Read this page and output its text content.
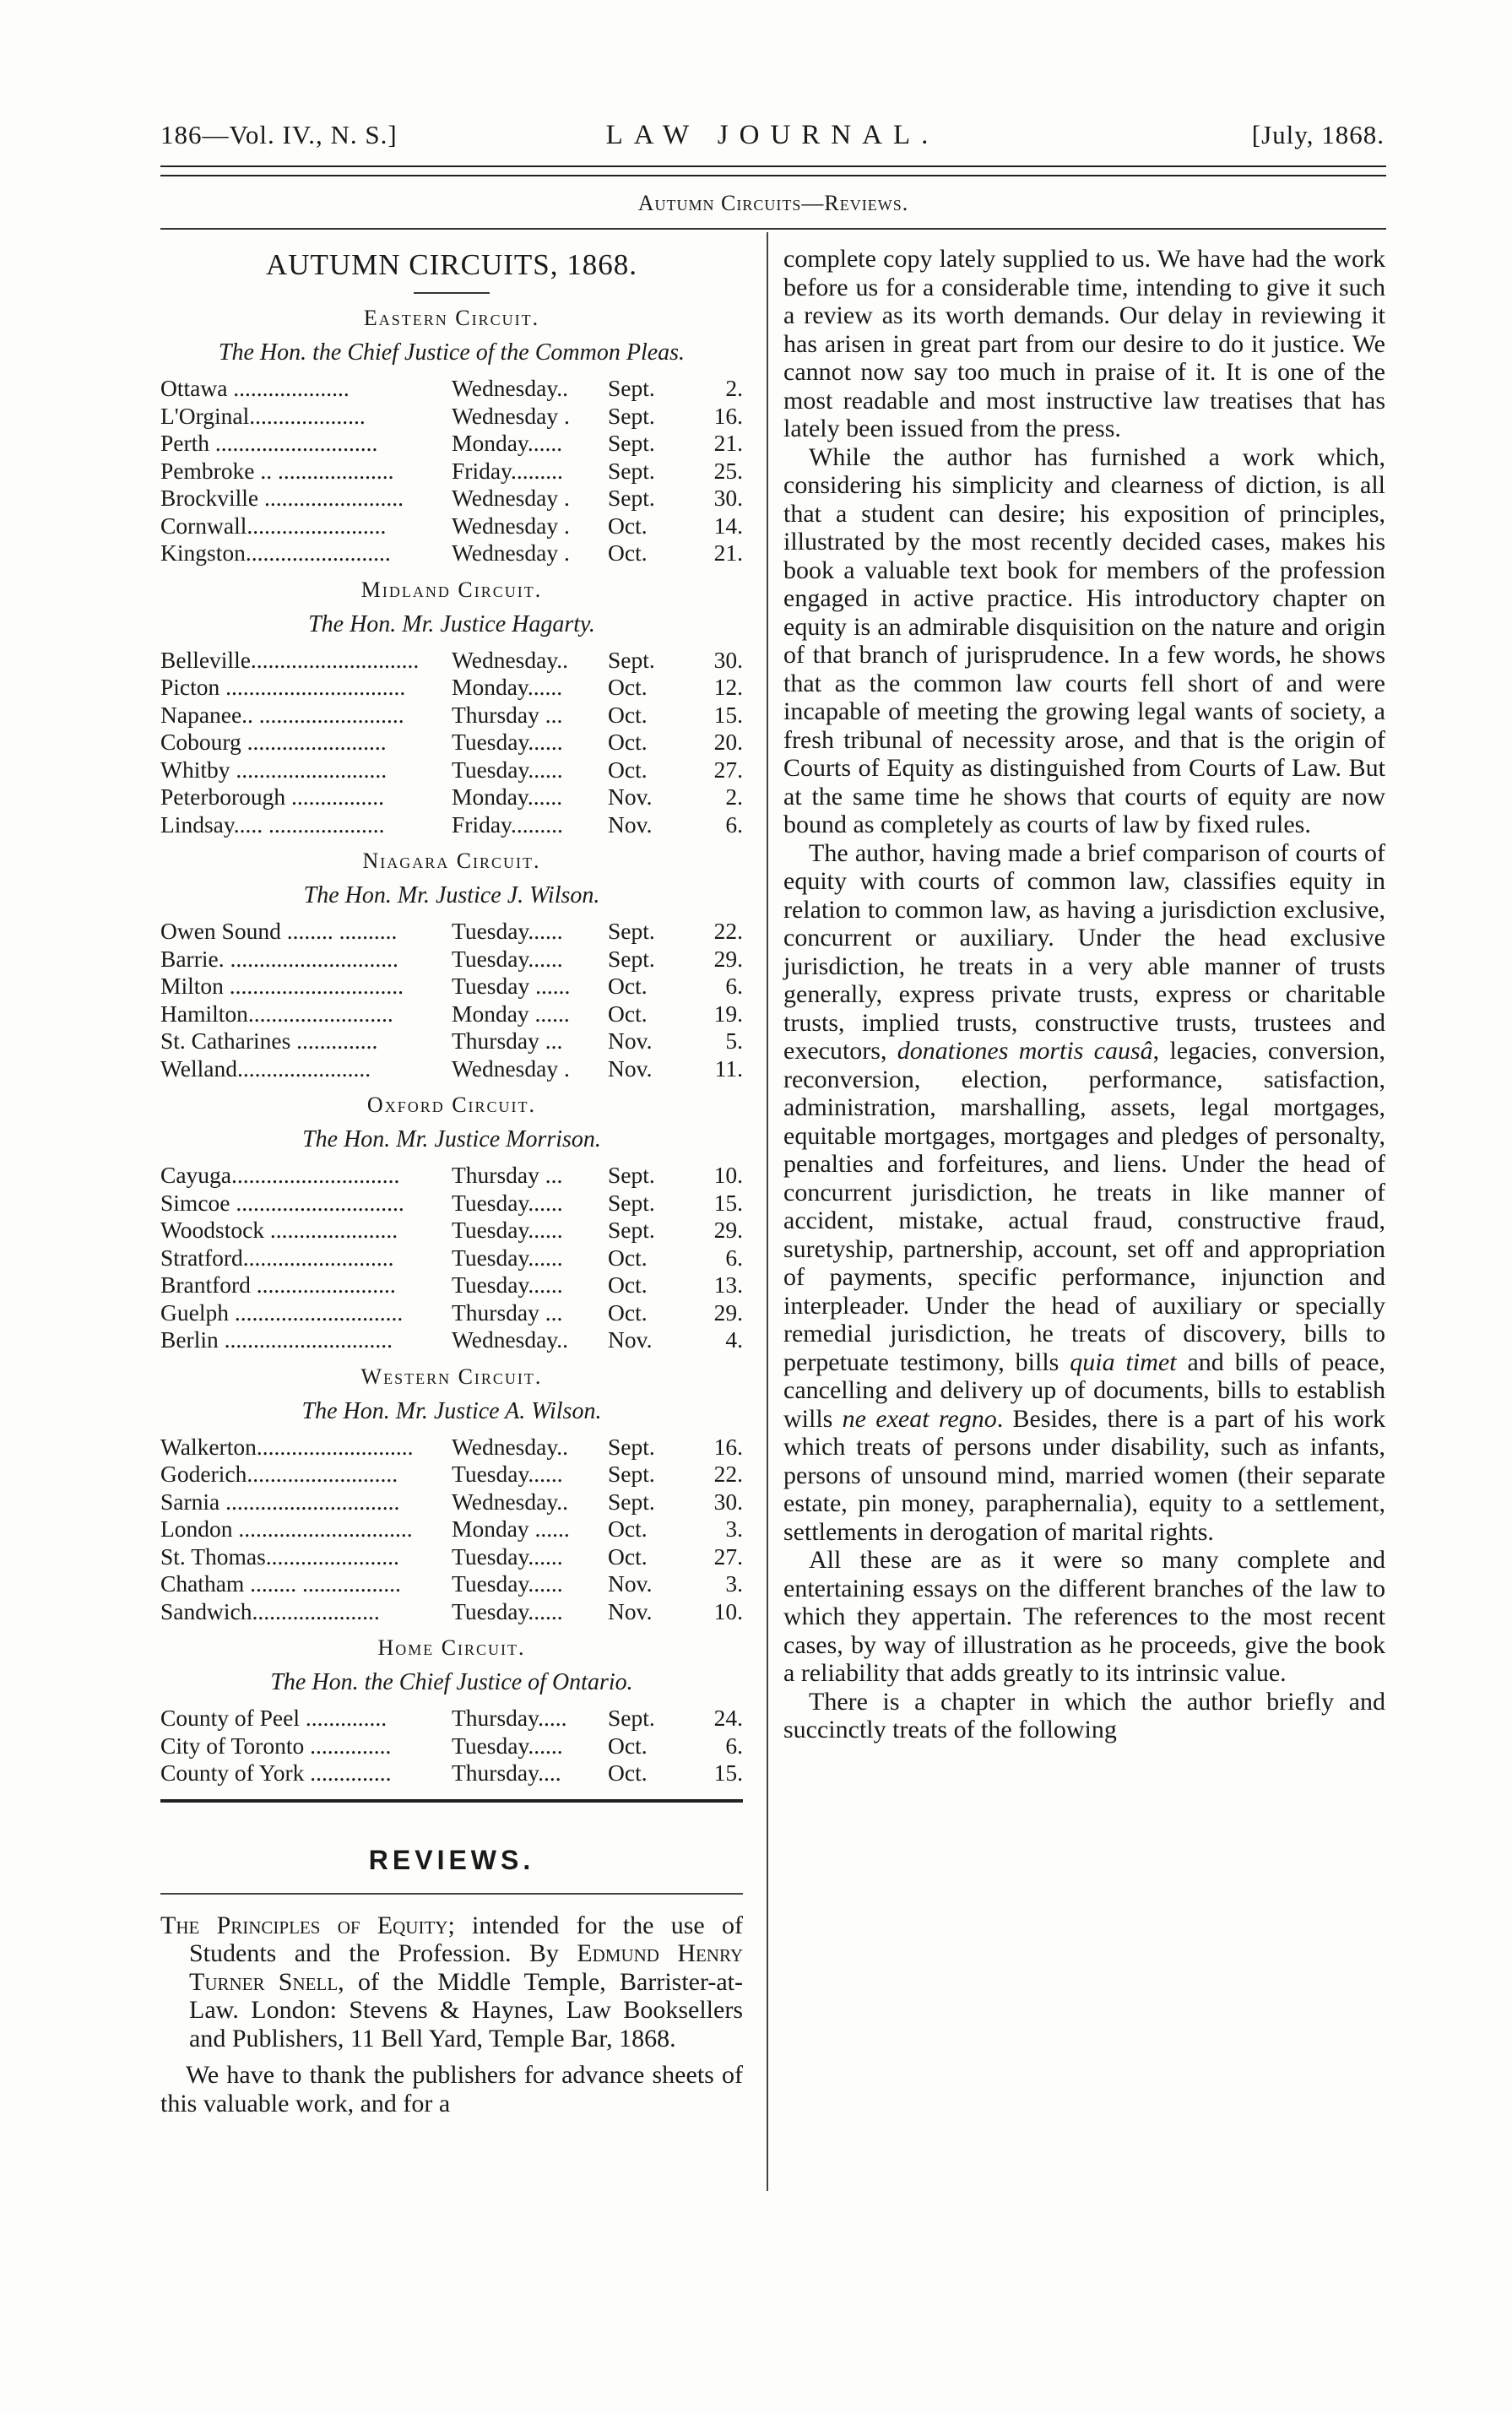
186—Vol. IV., N. S.]	LAW JOURNAL.	[July, 1868.
Autumn Circuits—Reviews.
AUTUMN CIRCUITS, 1868.
Eastern Circuit.
The Hon. the Chief Justice of the Common Pleas.
Ottawa ....................	Wednesday..	Sept.	2.
L'Orginal....................	Wednesday .	Sept.	16.
Perth ............................	Monday......	Sept.	21.
Pembroke .. ....................	Friday.........	Sept.	25.
Brockville ........................	Wednesday .	Sept.	30.
Cornwall........................	Wednesday .	Oct.	14.
Kingston.........................	Wednesday .	Oct.	21.
Midland Circuit.
The Hon. Mr. Justice Hagarty.
Belleville.............................	Wednesday..	Sept.	30.
Picton ...............................	Monday......	Oct.	12.
Napanee.. .........................	Thursday ...	Oct.	15.
Cobourg ........................	Tuesday......	Oct.	20.
Whitby ..........................	Tuesday......	Oct.	27.
Peterborough ................	Monday......	Nov.	2.
Lindsay..... ....................	Friday.........	Nov.	6.
Niagara Circuit.
The Hon. Mr. Justice J. Wilson.
Owen Sound ........ ..........	Tuesday......	Sept.	22.
Barrie. .............................	Tuesday......	Sept.	29.
Milton ..............................	Tuesday ......	Oct.	6.
Hamilton.........................	Monday ......	Oct.	19.
St. Catharines ..............	Thursday ...	Nov.	5.
Welland.......................	Wednesday .	Nov.	11.
Oxford Circuit.
The Hon. Mr. Justice Morrison.
Cayuga.............................	Thursday ...	Sept.	10.
Simcoe .............................	Tuesday......	Sept.	15.
Woodstock ......................	Tuesday......	Sept.	29.
Stratford..........................	Tuesday......	Oct.	6.
Brantford ........................	Tuesday......	Oct.	13.
Guelph .............................	Thursday ...	Oct.	29.
Berlin .............................	Wednesday..	Nov.	4.
Western Circuit.
The Hon. Mr. Justice A. Wilson.
Walkerton...........................	Wednesday..	Sept.	16.
Goderich..........................	Tuesday......	Sept.	22.
Sarnia ..............................	Wednesday..	Sept.	30.
London ..............................	Monday ......	Oct.	3.
St. Thomas.......................	Tuesday......	Oct.	27.
Chatham ........ .................	Tuesday......	Nov.	3.
Sandwich......................	Tuesday......	Nov.	10.
Home Circuit.
The Hon. the Chief Justice of Ontario.
County of Peel ..............	Thursday.....	Sept.	24.
City of Toronto ..............	Tuesday......	Oct.	6.
County of York ..............	Thursday....	Oct.	15.
REVIEWS.

The Principles of Equity; intended for the use of Students and the Profession. By Edmund Henry Turner Snell, of the Middle Temple, Barrister-at-Law. London: Stevens & Haynes, Law Booksellers and Publishers, 11 Bell Yard, Temple Bar, 1868.

We have to thank the publishers for advance sheets of this valuable work, and for a

complete copy lately supplied to us. We have had the work before us for a considerable time, intending to give it such a review as its worth demands. Our delay in reviewing it has arisen in great part from our desire to do it justice. We cannot now say too much in praise of it. It is one of the most readable and most instructive law treatises that has lately been issued from the press.

While the author has furnished a work which, considering his simplicity and clearness of diction, is all that a student can desire; his exposition of principles, illustrated by the most recently decided cases, makes his book a valuable text book for members of the profession engaged in active practice. His introductory chapter on equity is an admirable disquisition on the nature and origin of that branch of jurisprudence. In a few words, he shows that as the common law courts fell short of and were incapable of meeting the growing legal wants of society, a fresh tribunal of necessity arose, and that is the origin of Courts of Equity as distinguished from Courts of Law. But at the same time he shows that courts of equity are now bound as completely as courts of law by fixed rules.

The author, having made a brief comparison of courts of equity with courts of common law, classifies equity in relation to common law, as having a jurisdiction exclusive, concurrent or auxiliary. Under the head exclusive jurisdiction, he treats in a very able manner of trusts generally, express private trusts, express or charitable trusts, implied trusts, constructive trusts, trustees and executors, donationes mortis causâ, legacies, conversion, reconversion, election, performance, satisfaction, administration, marshalling, assets, legal mortgages, equitable mortgages, mortgages and pledges of personalty, penalties and forfeitures, and liens. Under the head of concurrent jurisdiction, he treats in like manner of accident, mistake, actual fraud, constructive fraud, suretyship, partnership, account, set off and appropriation of payments, specific performance, injunction and interpleader. Under the head of auxiliary or specially remedial jurisdiction, he treats of discovery, bills to perpetuate testimony, bills quia timet and bills of peace, cancelling and delivery up of documents, bills to establish wills ne exeat regno. Besides, there is a part of his work which treats of persons under disability, such as infants, persons of unsound mind, married women (their separate estate, pin money, paraphernalia), equity to a settlement, settlements in derogation of marital rights.

All these are as it were so many complete and entertaining essays on the different branches of the law to which they appertain. The references to the most recent cases, by way of illustration as he proceeds, give the book a reliability that adds greatly to its intrinsic value.

There is a chapter in which the author briefly and succinctly treats of the following
